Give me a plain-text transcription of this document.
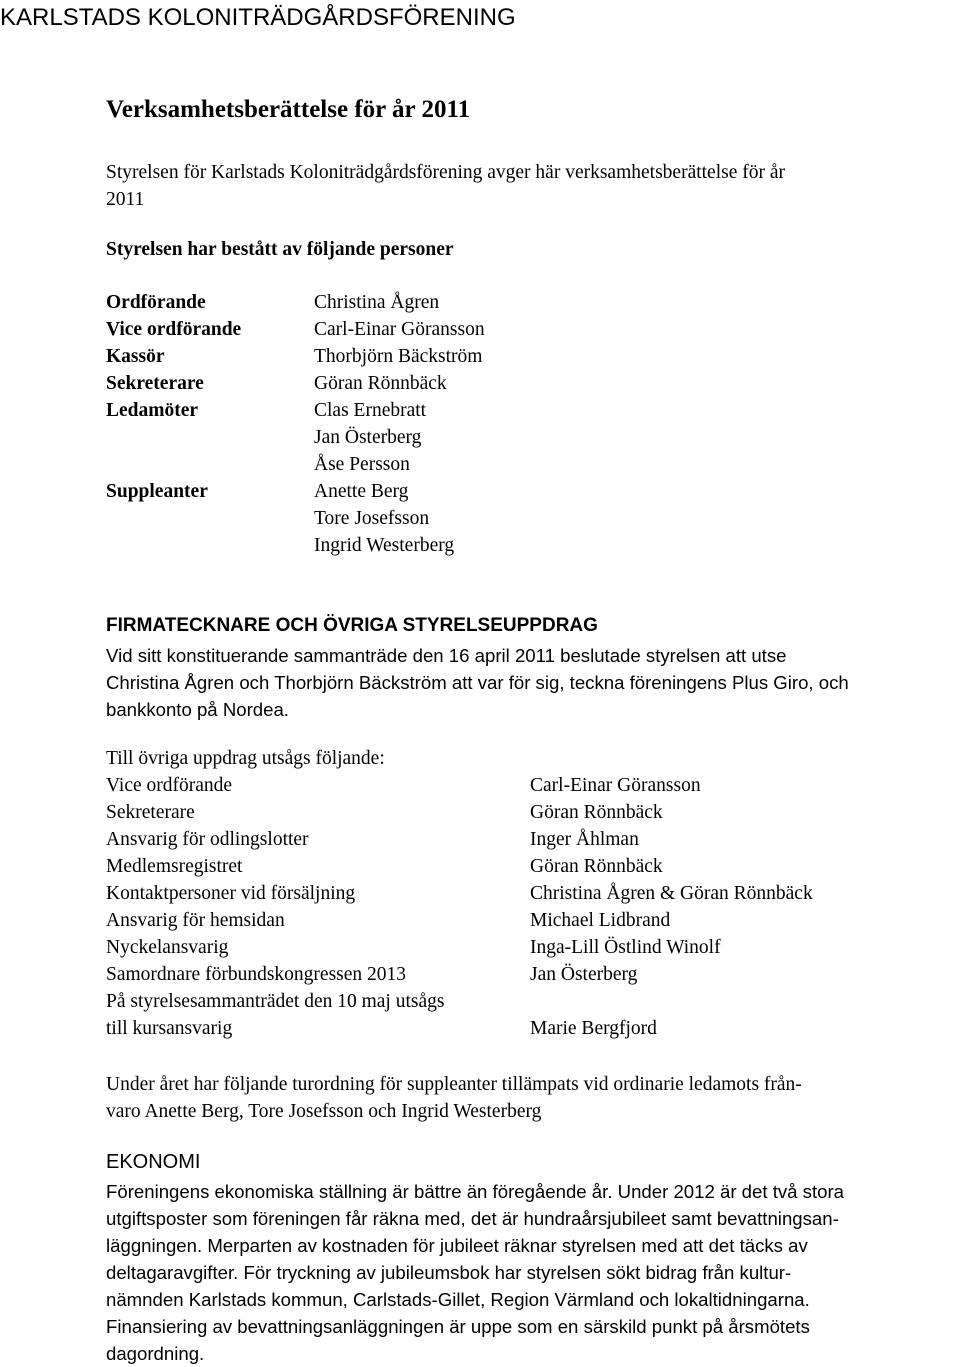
KARLSTADS KOLONITRÄDGÅRDSFÖRENING
Verksamhetsberättelse för år 2011
Styrelsen för Karlstads Koloniträdgårdsförening avger här verksamhetsberättelse för år
2011
Styrelsen har bestått av följande personer
Ordförande
Vice ordförande
Kassör
Sekreterare
Ledamöter
Suppleanter
Christina Ågren
Carl-Einar Göransson
Thorbjörn Bäckström
Göran Rönnbäck
Clas Ernebratt
Jan Österberg
Åse Persson
Anette Berg
Tore Josefsson
Ingrid Westerberg
FIRMATECKNARE OCH ÖVRIGA STYRELSEUPPDRAG
Vid sitt konstituerande sammanträde den 16 april 2011 beslutade styrelsen att utse
Christina Ågren och Thorbjörn Bäckström att var för sig, teckna föreningens Plus Giro, och
bankkonto på Nordea.
Till övriga uppdrag utsågs följande:
Vice ordförande
Sekreterare
Ansvarig för odlingslotter
Medlemsregistret
Kontaktpersoner vid försäljning
Ansvarig för hemsidan
Nyckelansvarig
Samordnare förbundskongressen 2013
På styrelsesammanträdet den 10 maj utsågs
till kursansvarig
Carl-Einar Göransson
Göran Rönnbäck
Inger Åhlman
Göran Rönnbäck
Christina Ågren & Göran Rönnbäck
Michael Lidbrand
Inga-Lill Östlind Winolf
Jan Österberg
Marie Bergfjord
Under året har följande turordning för suppleanter tillämpats vid ordinarie ledamots från-
varo Anette Berg, Tore Josefsson och Ingrid Westerberg
EKONOMI
Föreningens ekonomiska ställning är bättre än föregående år. Under 2012 är det två stora
utgiftsposter som föreningen får räkna med, det är hundraårsjubileet samt bevattningsan-
läggningen. Merparten av kostnaden för jubileet räknar styrelsen med att det täcks av
deltagaravgifter. För tryckning av jubileumsbok har styrelsen sökt bidrag från kultur-
nämnden Karlstads kommun, Carlstads-Gillet, Region Värmland och lokaltidningarna.
Finansiering av bevattningsanläggningen är uppe som en särskild punkt på årsmötets
dagordning.
